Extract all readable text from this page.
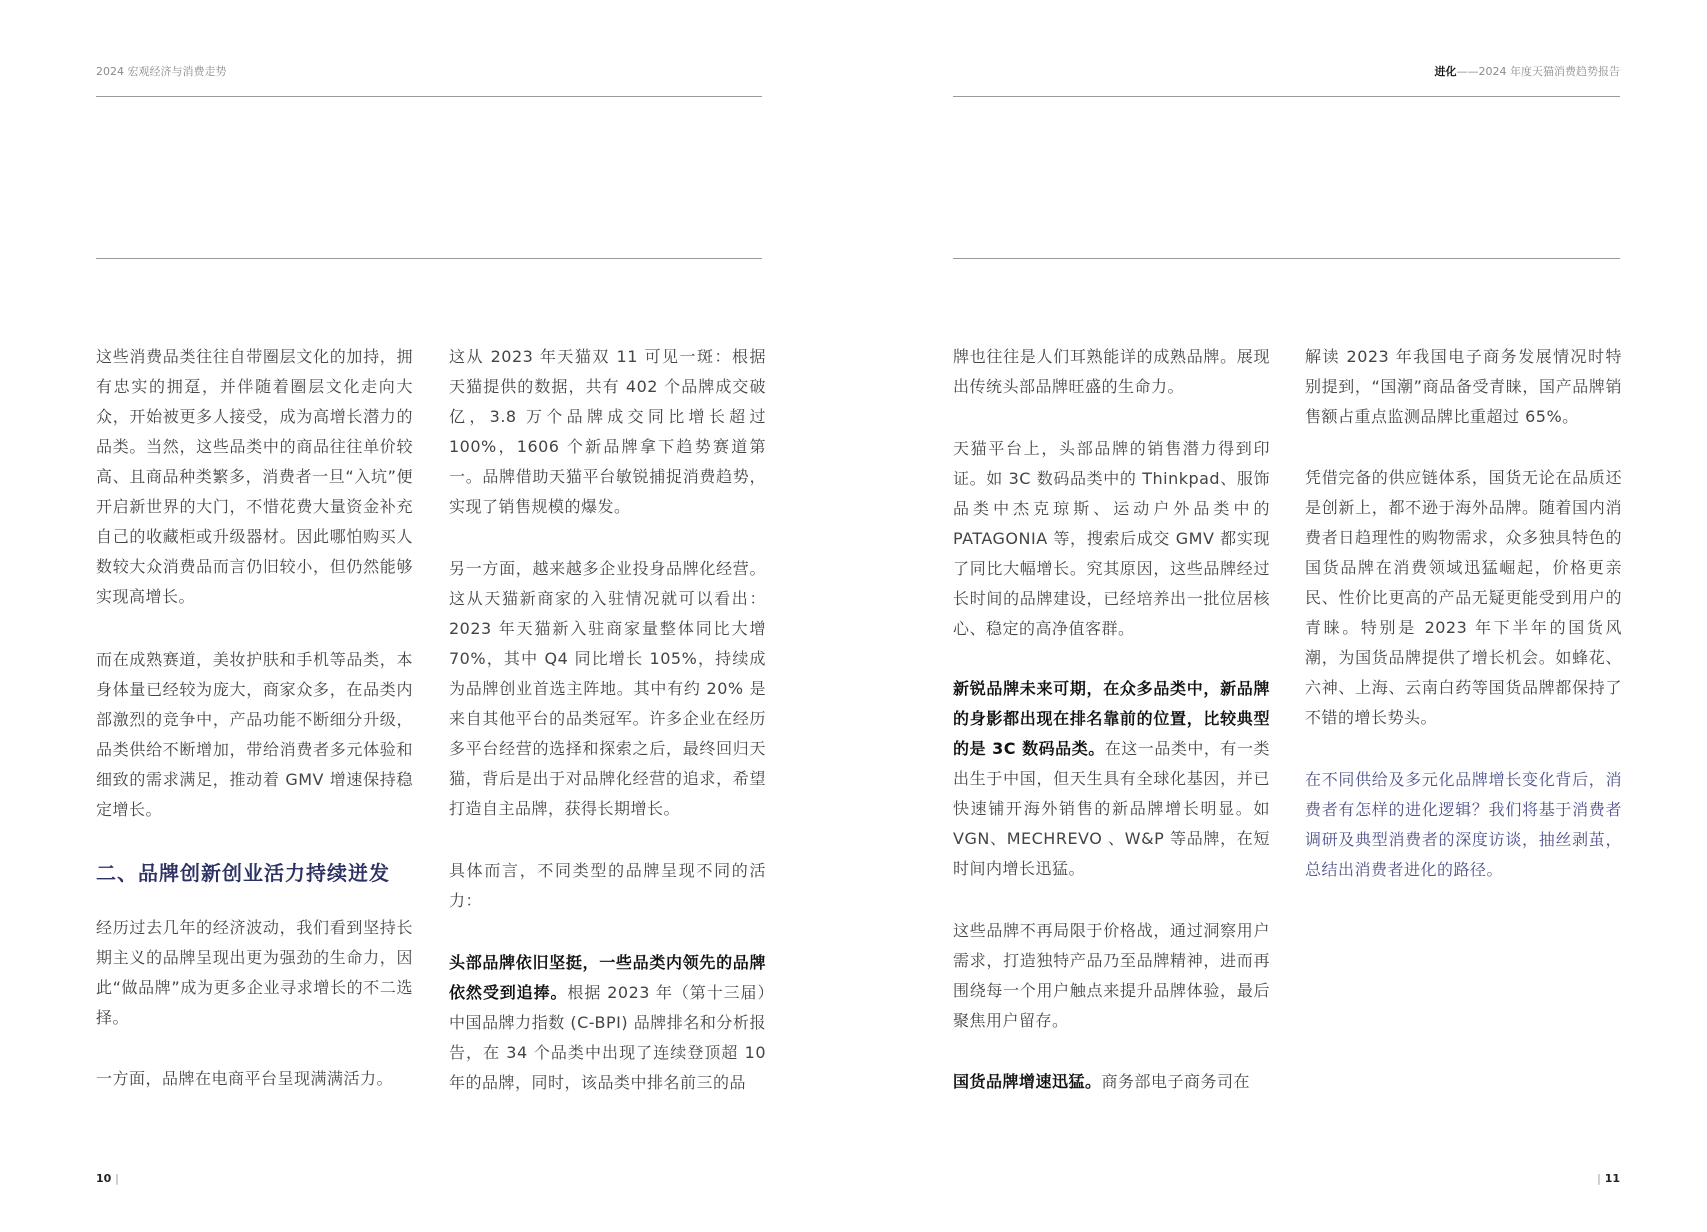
2024 宏观经济与消费走势	进化——2024 年度天猫消费趋势报告

这些消费品类往往自带圈层文化的加持，拥有忠实的拥趸，并伴随着圈层文化走向大众，开始被更多人接受，成为高增长潜力的品类。当然，这些品类中的商品往往单价较高、且商品种类繁多，消费者一旦“入坑”便开启新世界的大门，不惜花费大量资金补充自己的收藏柜或升级器材。因此哪怕购买人数较大众消费品而言仍旧较小，但仍然能够实现高增长。

而在成熟赛道，美妆护肤和手机等品类，本身体量已经较为庞大，商家众多，在品类内部激烈的竞争中，产品功能不断细分升级，品类供给不断增加，带给消费者多元体验和细致的需求满足，推动着 GMV 增速保持稳定增长。

二、品牌创新创业活力持续迸发

经历过去几年的经济波动，我们看到坚持长期主义的品牌呈现出更为强劲的生命力，因此“做品牌”成为更多企业寻求增长的不二选择。

一方面，品牌在电商平台呈现满满活力。

这从 2023 年天猫双 11 可见一斑：根据天猫提供的数据，共有 402 个品牌成交破亿，3.8 万个品牌成交同比增长超过 100%，1606 个新品牌拿下趋势赛道第一。品牌借助天猫平台敏锐捕捉消费趋势，实现了销售规模的爆发。

另一方面，越来越多企业投身品牌化经营。这从天猫新商家的入驻情况就可以看出：2023 年天猫新入驻商家量整体同比大增 70%，其中 Q4 同比增长 105%，持续成为品牌创业首选主阵地。其中有约 20% 是来自其他平台的品类冠军。许多企业在经历多平台经营的选择和探索之后，最终回归天猫，背后是出于对品牌化经营的追求，希望打造自主品牌，获得长期增长。

具体而言，不同类型的品牌呈现不同的活力：

头部品牌依旧坚挺，一些品类内领先的品牌依然受到追捧。根据 2023 年（第十三届）中国品牌力指数 (C-BPI) 品牌排名和分析报告，在 34 个品类中出现了连续登顶超 10 年的品牌，同时，该品类中排名前三的品

牌也往往是人们耳熟能详的成熟品牌。展现出传统头部品牌旺盛的生命力。

天猫平台上，头部品牌的销售潜力得到印证。如 3C 数码品类中的 Thinkpad、服饰品类中杰克琼斯、运动户外品类中的 PATAGONIA 等，搜索后成交 GMV 都实现了同比大幅增长。究其原因，这些品牌经过长时间的品牌建设，已经培养出一批位居核心、稳定的高净值客群。

新锐品牌未来可期，在众多品类中，新品牌的身影都出现在排名靠前的位置，比较典型的是 3C 数码品类。在这一品类中，有一类出生于中国，但天生具有全球化基因，并已快速铺开海外销售的新品牌增长明显。如 VGN、MECHREVO 、W&P 等品牌，在短时间内增长迅猛。

这些品牌不再局限于价格战，通过洞察用户需求，打造独特产品乃至品牌精神，进而再围绕每一个用户触点来提升品牌体验，最后聚焦用户留存。

国货品牌增速迅猛。商务部电子商务司在

解读 2023 年我国电子商务发展情况时特别提到，“国潮”商品备受青睐，国产品牌销售额占重点监测品牌比重超过 65%。

凭借完备的供应链体系，国货无论在品质还是创新上，都不逊于海外品牌。随着国内消费者日趋理性的购物需求，众多独具特色的国货品牌在消费领域迅猛崛起，价格更亲民、性价比更高的产品无疑更能受到用户的青睐。特别是 2023 年下半年的国货风潮，为国货品牌提供了增长机会。如蜂花、六神、上海、云南白药等国货品牌都保持了不错的增长势头。

在不同供给及多元化品牌增长变化背后，消费者有怎样的进化逻辑？我们将基于消费者调研及典型消费者的深度访谈，抽丝剥茧，总结出消费者进化的路径。

10 |	| 11
